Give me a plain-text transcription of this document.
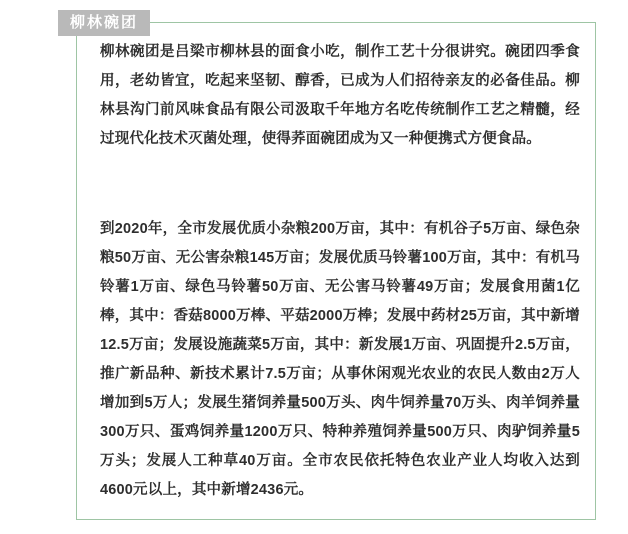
柳林碗团

柳林碗团是吕梁市柳林县的面食小吃，制作工艺十分很讲究。碗团四季食用，老幼皆宜，吃起来坚韧、醇香，已成为人们招待亲友的必备佳品。柳林县沟门前风味食品有限公司汲取千年地方名吃传统制作工艺之精髓，经过现代化技术灭菌处理，使得荞面碗团成为又一种便携式方便食品。

到2020年，全市发展优质小杂粮200万亩，其中：有机谷子5万亩、绿色杂粮50万亩、无公害杂粮145万亩；发展优质马铃薯100万亩，其中：有机马铃薯1万亩、绿色马铃薯50万亩、无公害马铃薯49万亩；发展食用菌1亿棒，其中：香菇8000万棒、平菇2000万棒；发展中药材25万亩，其中新增12.5万亩；发展设施蔬菜5万亩，其中：新发展1万亩、巩固提升2.5万亩，推广新品种、新技术累计7.5万亩；从事休闲观光农业的农民人数由2万人增加到5万人；发展生猪饲养量500万头、肉牛饲养量70万头、肉羊饲养量300万只、蛋鸡饲养量1200万只、特种养殖饲养量500万只、肉驴饲养量5万头；发展人工种草40万亩。全市农民依托特色农业产业人均收入达到4600元以上，其中新增2436元。
